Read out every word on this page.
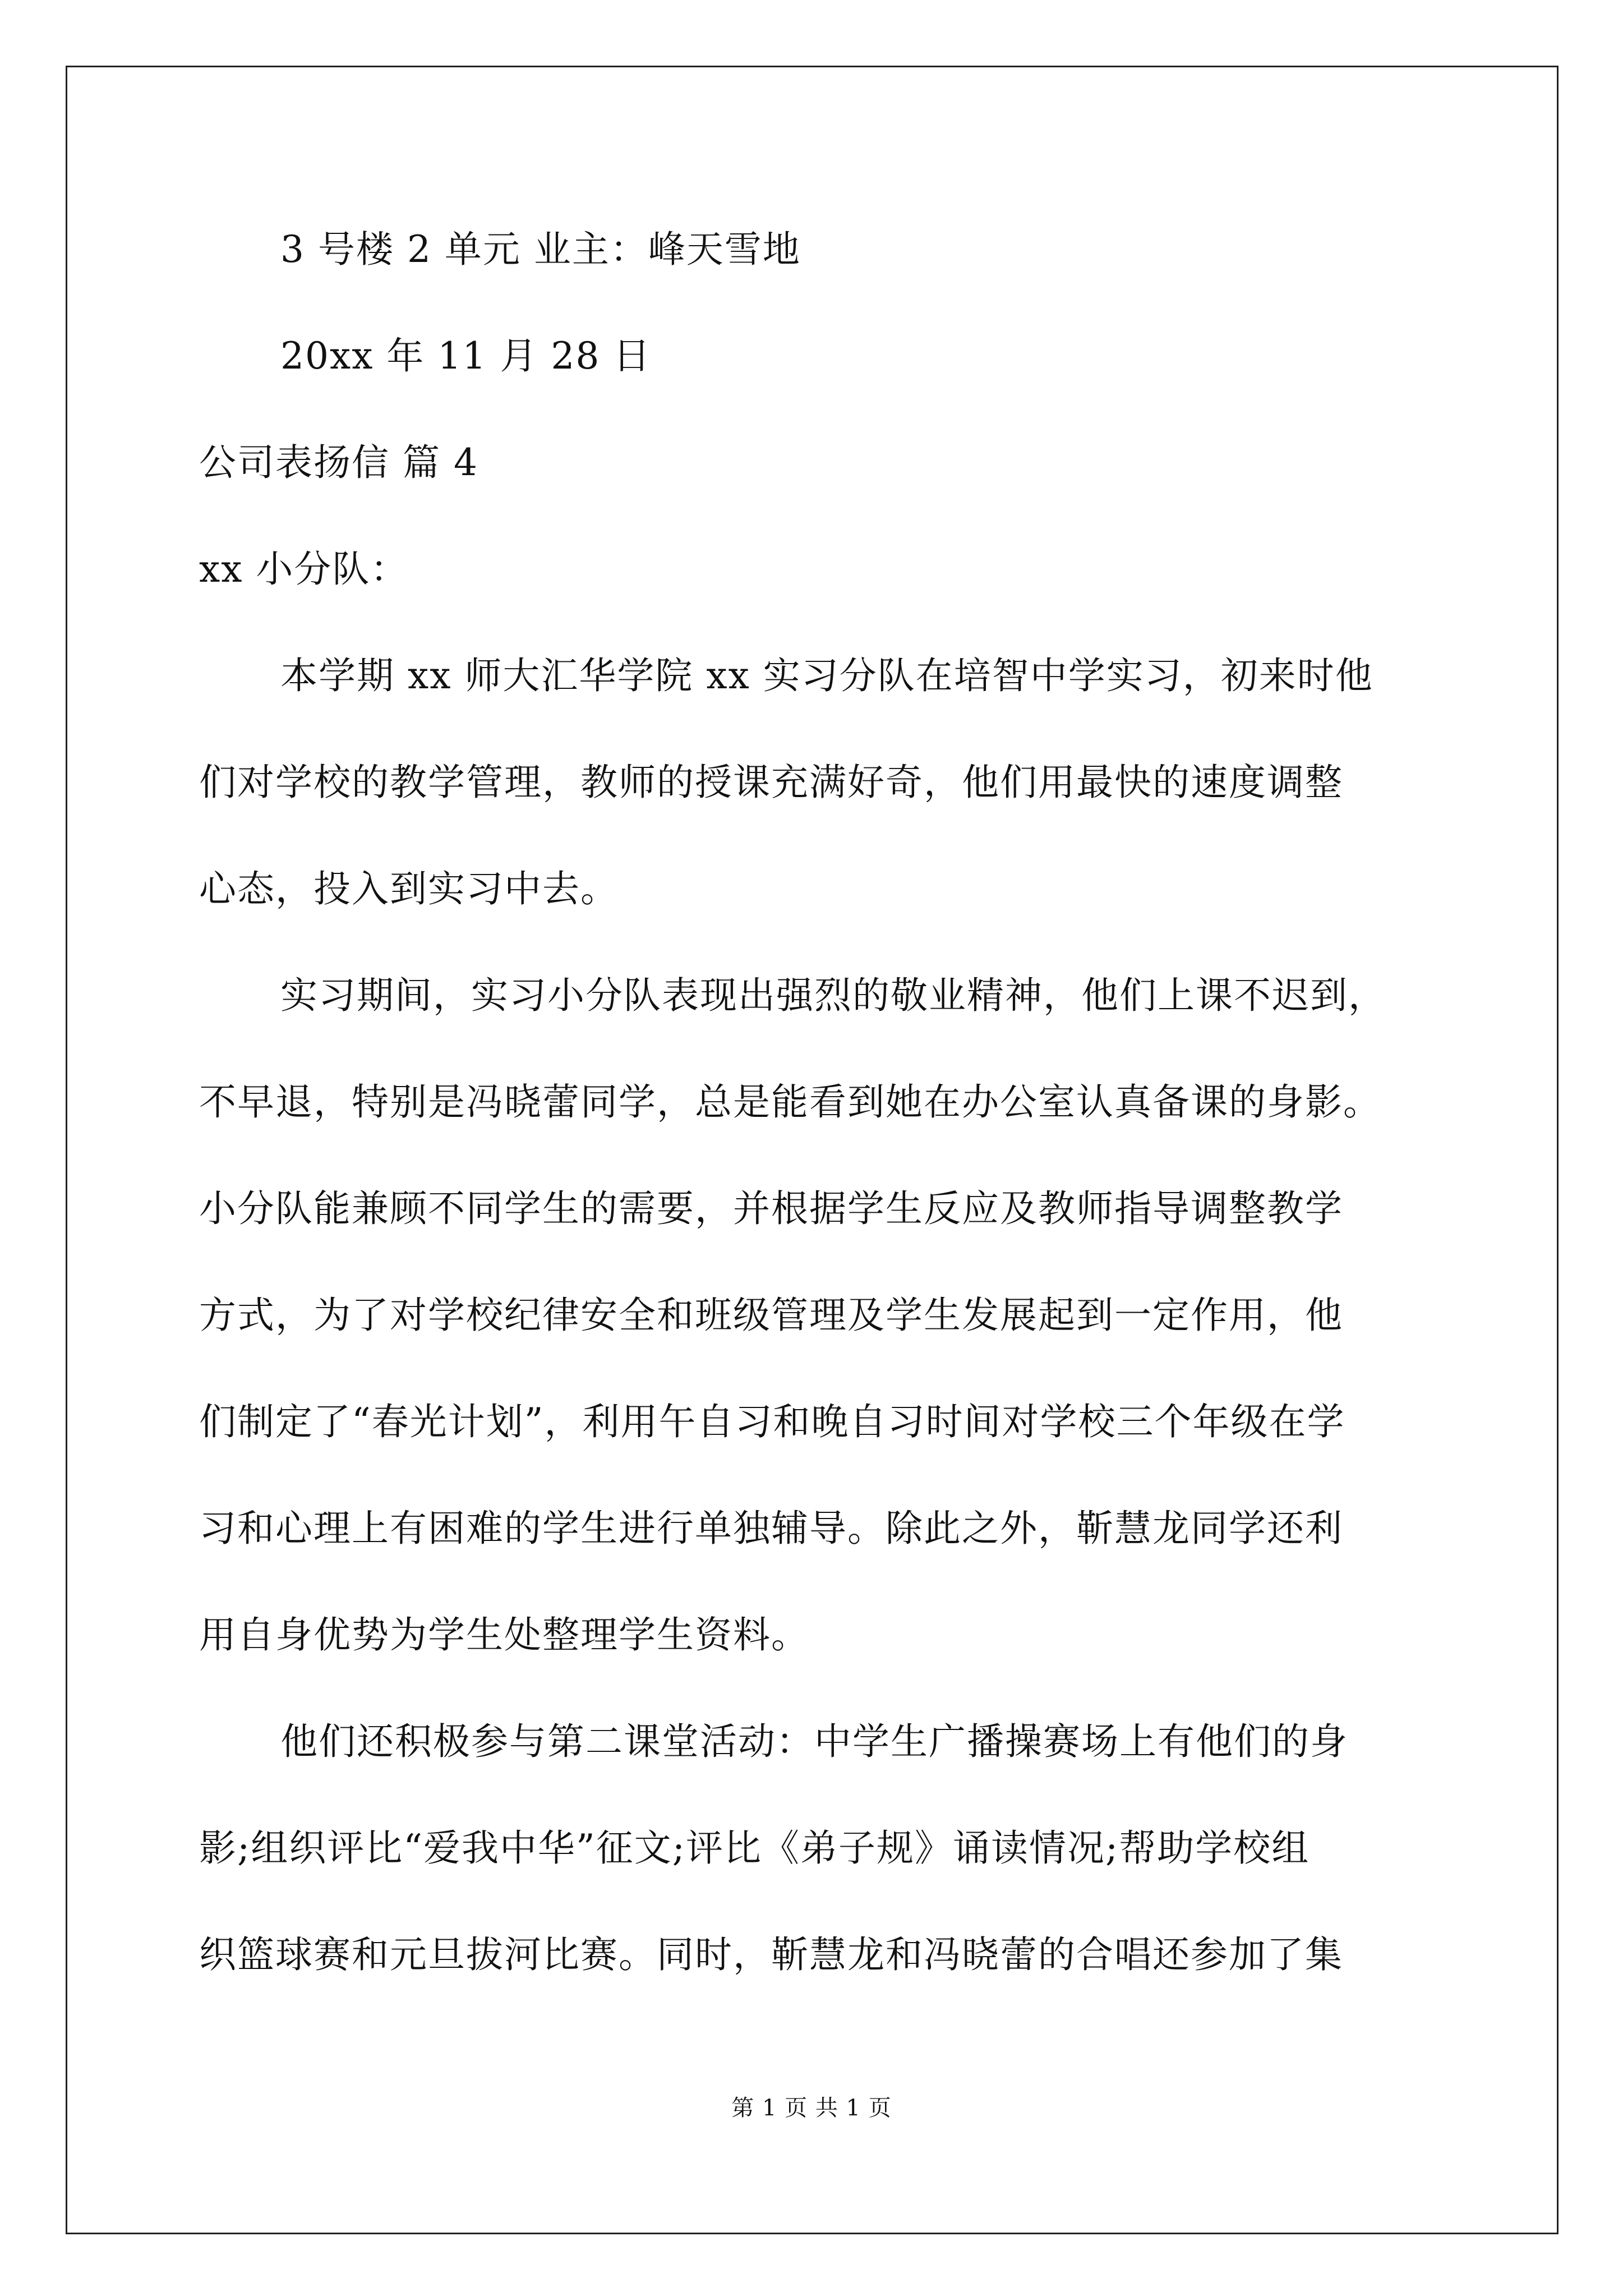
3 号楼 2 单元 业主：峰天雪地
20xx 年 11 月 28 日
公司表扬信 篇 4
xx 小分队：
本学期 xx 师大汇华学院 xx 实习分队在培智中学实习，初来时他
们对学校的教学管理，教师的授课充满好奇，他们用最快的速度调整
心态，投入到实习中去。
实习期间，实习小分队表现出强烈的敬业精神，他们上课不迟到，
不早退，特别是冯晓蕾同学，总是能看到她在办公室认真备课的身影。
小分队能兼顾不同学生的需要，并根据学生反应及教师指导调整教学
方式，为了对学校纪律安全和班级管理及学生发展起到一定作用，他
们制定了“春光计划”，利用午自习和晚自习时间对学校三个年级在学
习和心理上有困难的学生进行单独辅导。除此之外，靳慧龙同学还利
用自身优势为学生处整理学生资料。
他们还积极参与第二课堂活动：中学生广播操赛场上有他们的身
影;组织评比“爱我中华”征文;评比《弟子规》诵读情况;帮助学校组
织篮球赛和元旦拔河比赛。同时，靳慧龙和冯晓蕾的合唱还参加了集
第 1 页 共 1 页
